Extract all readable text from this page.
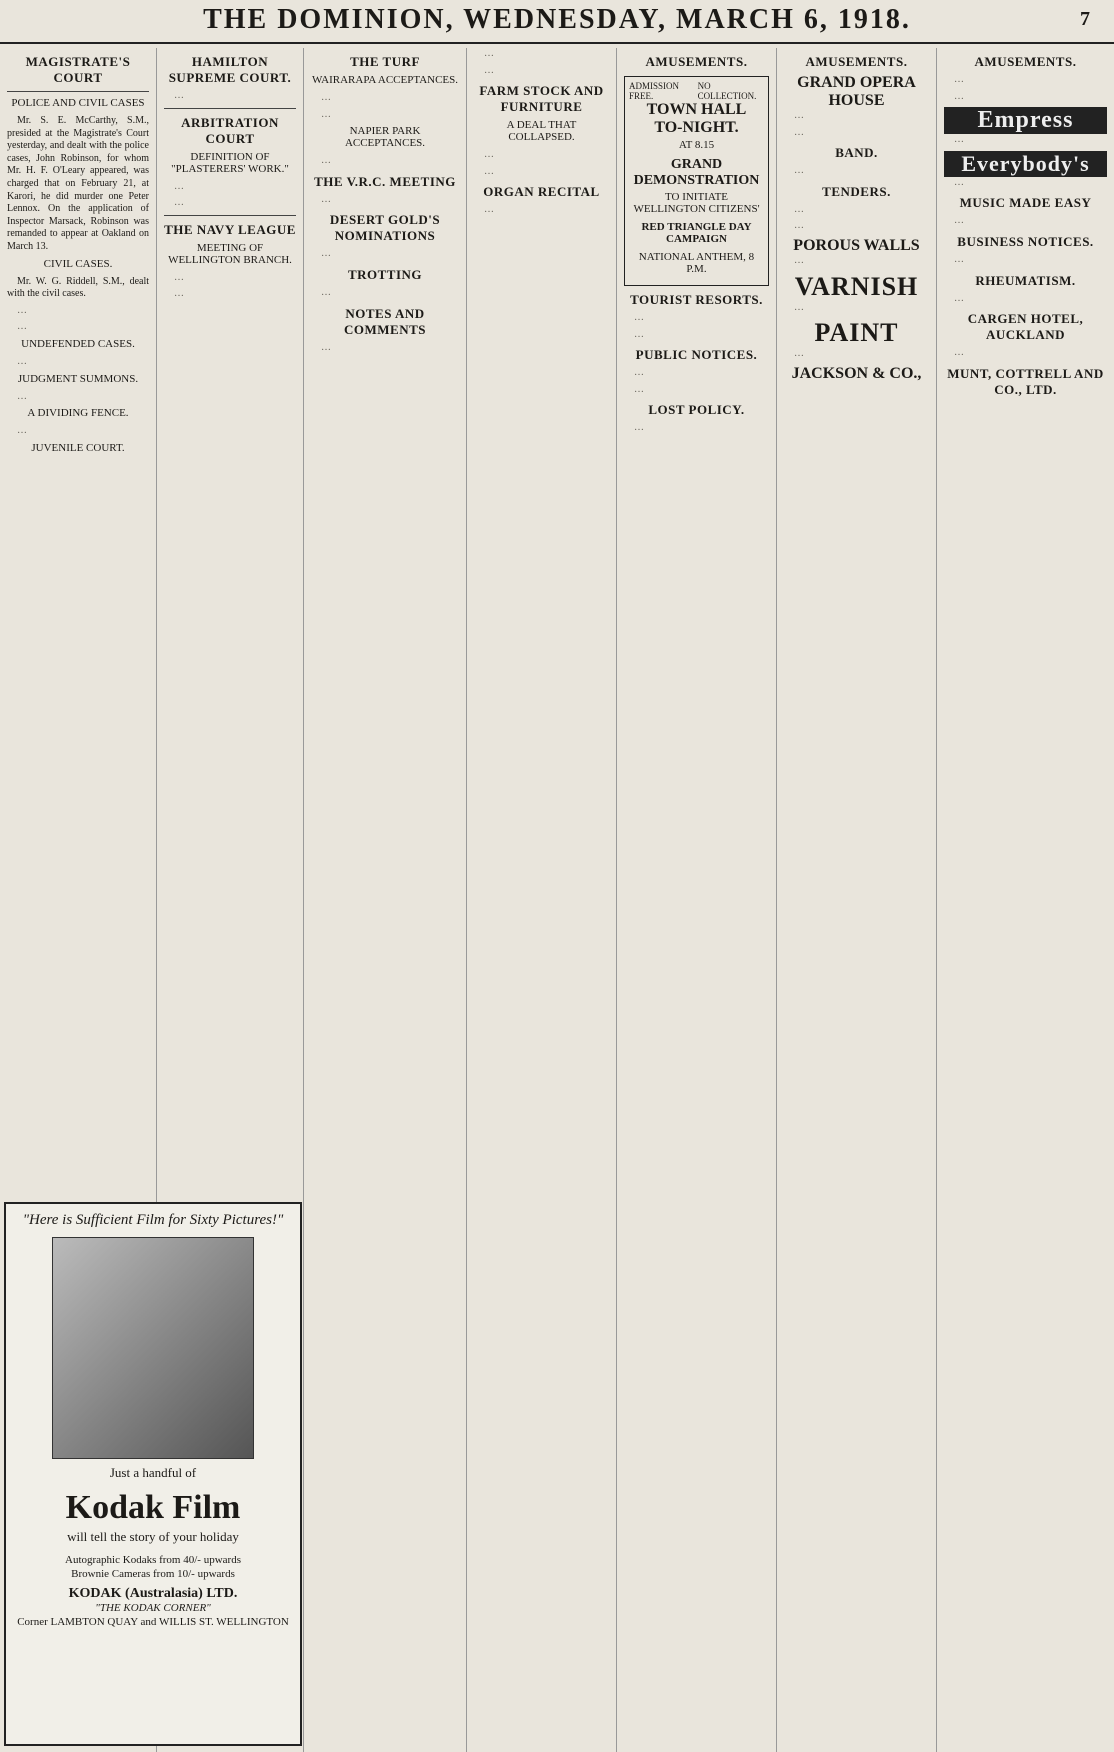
THE DOMINION, WEDNESDAY, MARCH 6, 1918.	7
MAGISTRATE'S COURT
POLICE AND CIVIL CASES

Mr. S. E. McCarthy, S.M., presided at the Magistrate's Court yesterday, and dealt with the police cases, John Robinson, for whom Mr. H. F. O'Leary appeared, was charged that on February 21, at Karori, he did murder one Peter Lennox. On the application of Inspector Marsack, Robinson was remanded to appear at Oakland on March 13.

CIVIL CASES.

Mr. W. G. Riddell, S.M., dealt with the civil cases.

…

…

UNDEFENDED CASES.

…

JUDGMENT SUMMONS.

…

A DIVIDING FENCE.

…

JUVENILE COURT.
HAMILTON SUPREME COURT.

…

ARBITRATION COURT
DEFINITION OF "PLASTERERS' WORK."

…

…

THE NAVY LEAGUE
MEETING OF WELLINGTON BRANCH.

…

…

"Here is Sufficient Film for Sixty Pictures!"
Just a handful of
Kodak Film
will tell the story of your holiday
Autographic Kodaks from 40/- upwards
Brownie Cameras from 10/- upwards
KODAK (Australasia) LTD.
"THE KODAK CORNER"
Corner LAMBTON QUAY and WILLIS ST. WELLINGTON
THE TURF
WAIRARAPA ACCEPTANCES.

…

…

NAPIER PARK ACCEPTANCES.

…

THE V.R.C. MEETING

…

DESERT GOLD'S NOMINATIONS

…

TROTTING

…

NOTES AND COMMENTS

…

…

…

FARM STOCK AND FURNITURE
A DEAL THAT COLLAPSED.

…

…

ORGAN RECITAL

…

AMUSEMENTS.
ADMISSION FREE.
NO COLLECTION.
TOWN HALL
TO-NIGHT.
AT 8.15
GRAND DEMONSTRATION
TO INITIATE WELLINGTON CITIZENS'
RED TRIANGLE DAY CAMPAIGN
NATIONAL ANTHEM, 8 P.M.
TOURIST RESORTS.

…

…

PUBLIC NOTICES.

…

…

LOST POLICY.

…

AMUSEMENTS.
GRAND OPERA HOUSE

…

…

BAND.

…

TENDERS.

…

…

POROUS WALLS

…

VARNISH

…

PAINT

…

JACKSON & CO.,
AMUSEMENTS.

…

…

Empress

…

Everybody's

…

MUSIC MADE EASY

…

BUSINESS NOTICES.

…

RHEUMATISM.

…

CARGEN HOTEL, AUCKLAND

…

MUNT, COTTRELL AND CO., LTD.
